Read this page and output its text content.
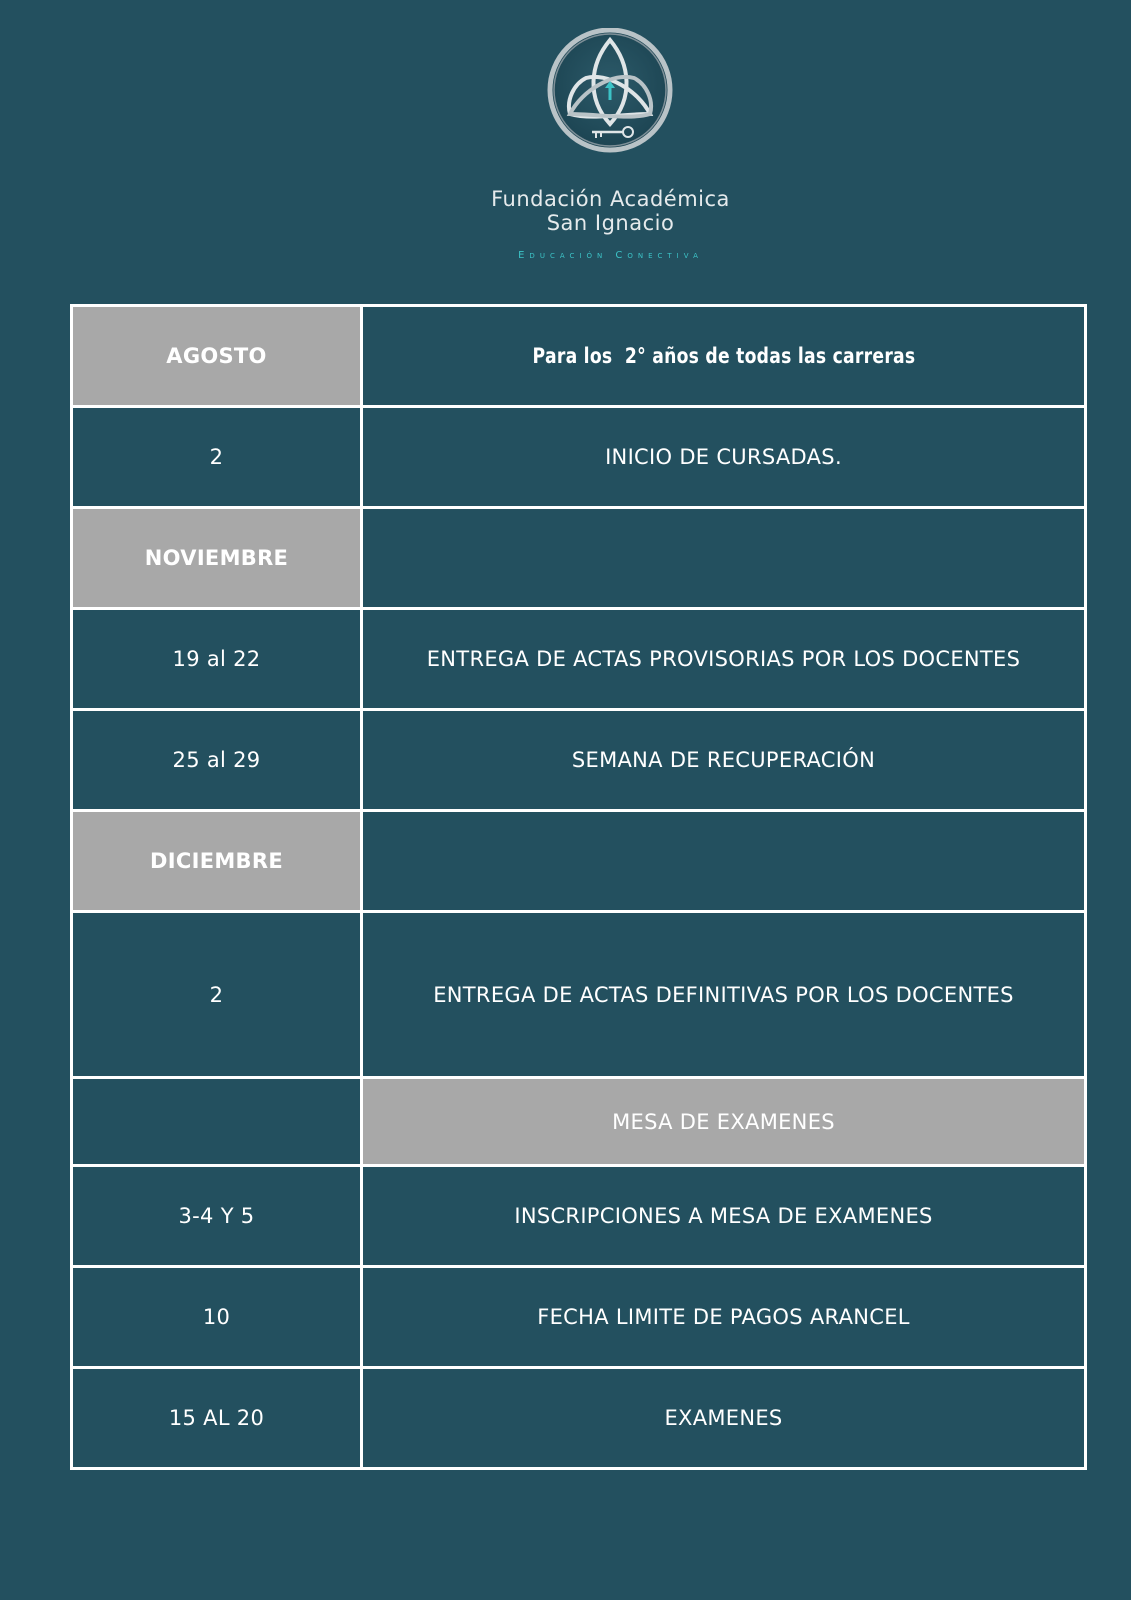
Fundación Académica
San Ignacio
Educación Conectiva
AGOSTO	Para los  2° años de todas las carreras
2	INICIO DE CURSADAS.
NOVIEMBRE	
19 al 22	ENTREGA DE ACTAS PROVISORIAS POR LOS DOCENTES
25 al 29	SEMANA DE RECUPERACIÓN
DICIEMBRE	
2	ENTREGA DE ACTAS DEFINITIVAS POR LOS DOCENTES
	MESA DE EXAMENES
3-4 Y 5	INSCRIPCIONES A MESA DE EXAMENES
10	FECHA LIMITE DE PAGOS ARANCEL
15 AL 20	EXAMENES
